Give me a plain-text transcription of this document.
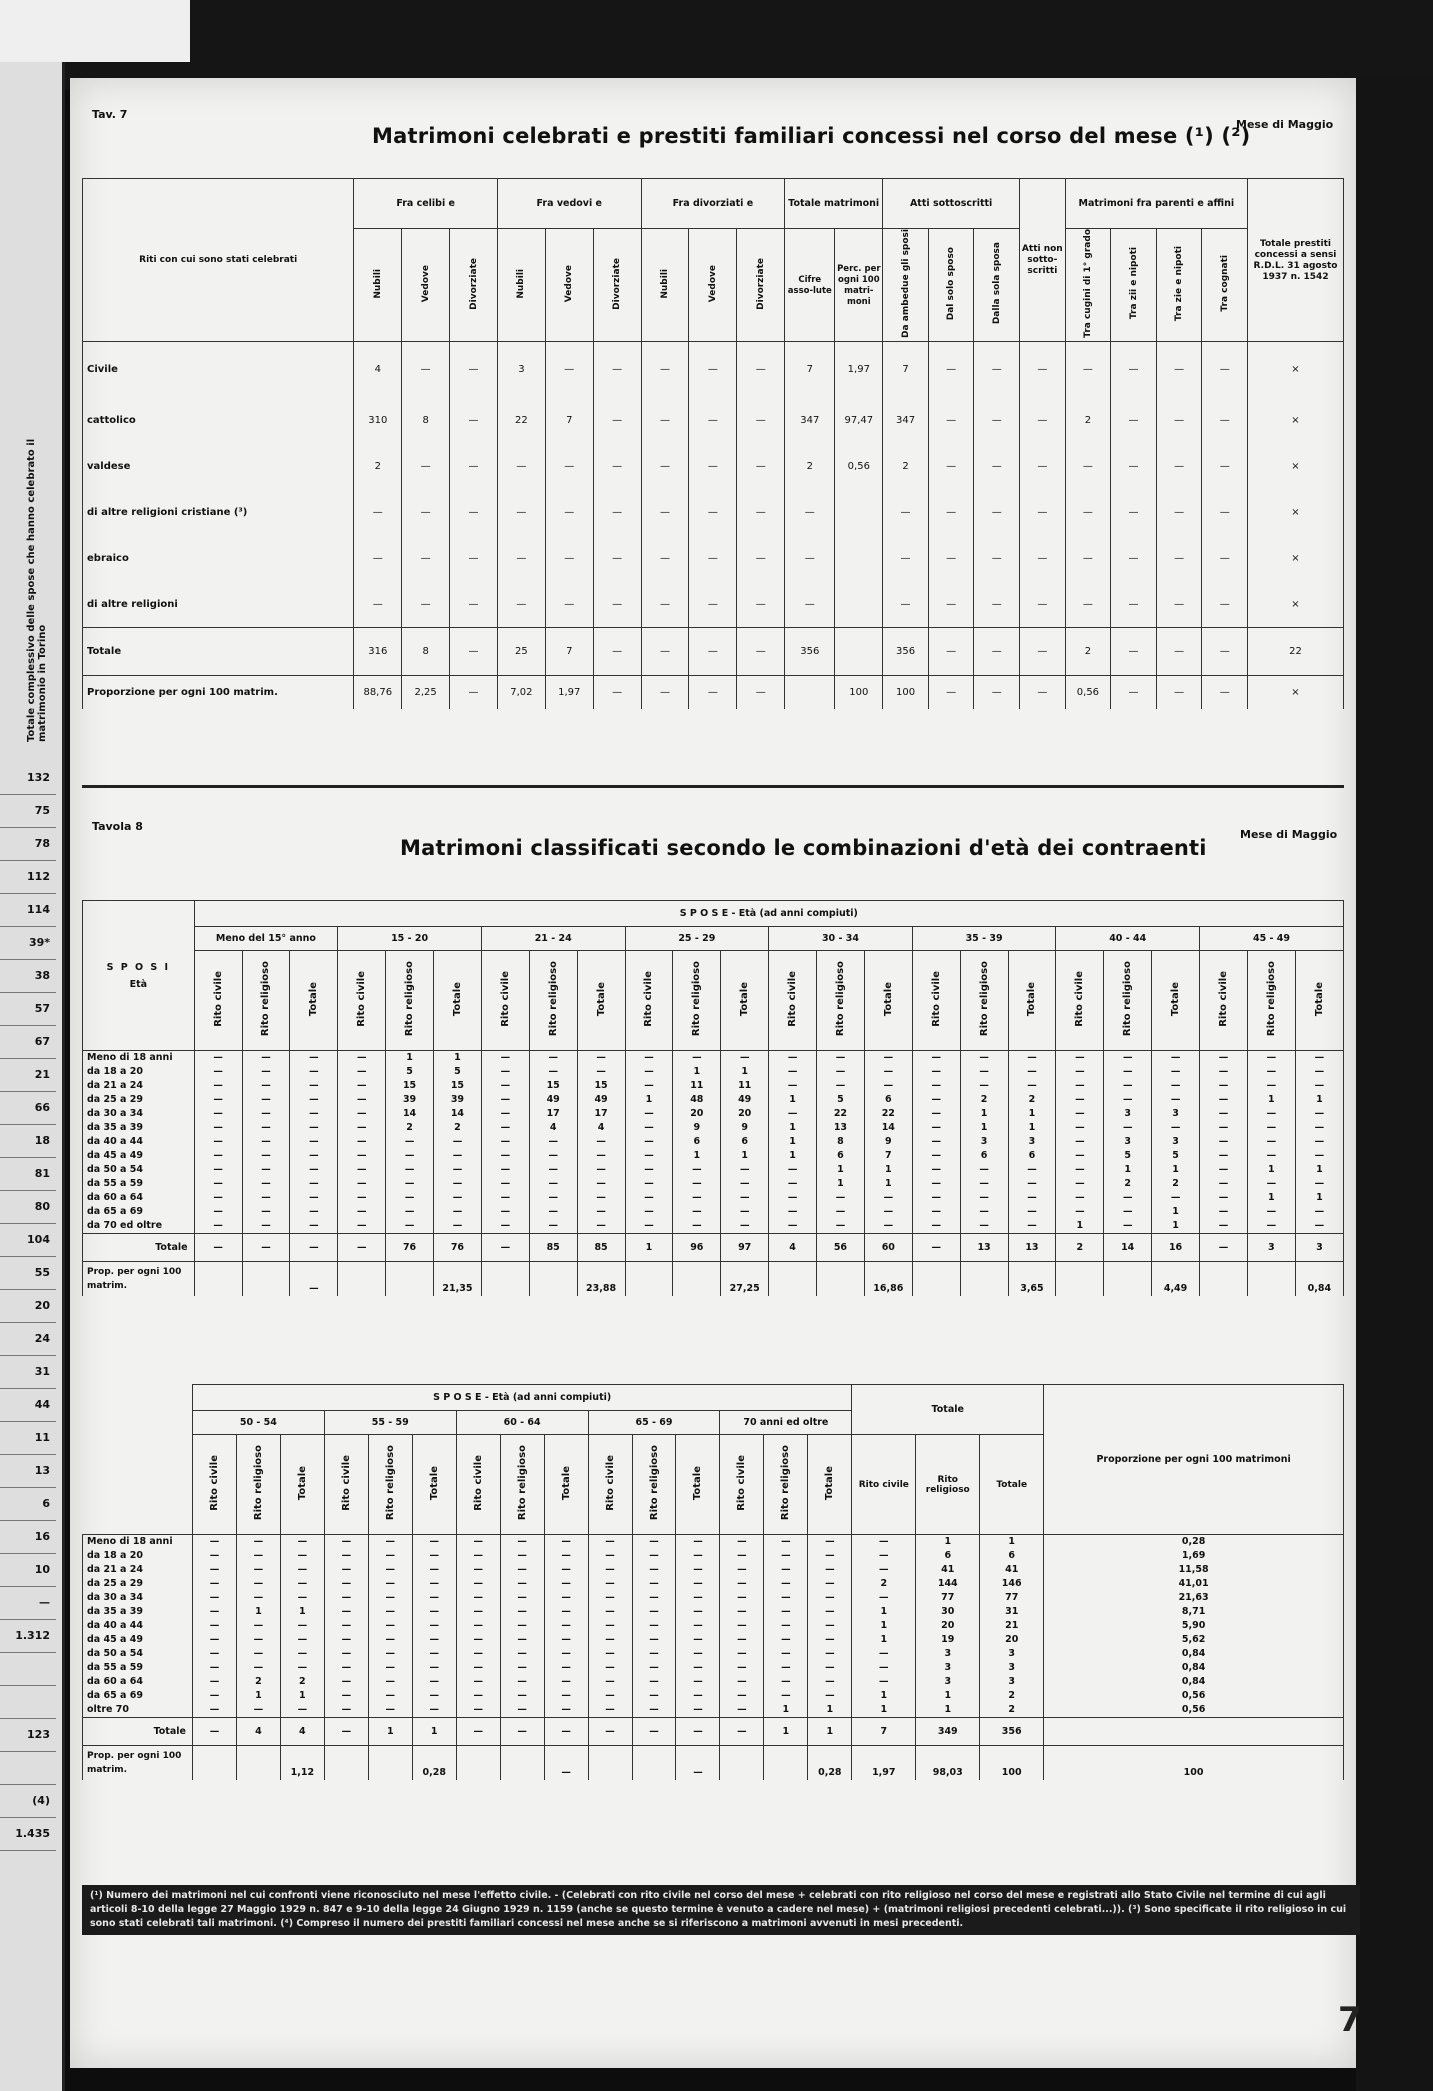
Totale complessivo delle spose che hanno celebrato il matrimonio in Torino
132
75
78
112
114
39*
38
57
67
21
66
18
81
80
104
55
20
24
31
44
11
13
6
16
10
—
1.312
123
(4)
1.435
Tav. 7
Matrimoni celebrati e prestiti familiari concessi nel corso del mese (¹) (²)
Mese di Maggio
Riti con cui sono stati celebrati	Fra celibi e			Fra vedovi e			Fra divorziati e			Totale matrimoni		Atti sottoscritti			Atti non sotto-scritti	Matrimoni fra parenti e affini				Totale prestiti concessi a sensi R.D.L. 31 agosto 1937 n. 1542
	Nubili	Vedove	Divorziate	Nubili	Vedove	Divorziate	Nubili	Vedove	Divorziate	Cifre asso-lute	Perc. per ogni 100 matri-moni	Da ambedue gli sposi	Dal solo sposo	Dalla sola sposa		Tra cugini di 1° grado	Tra zii e nipoti	Tra zie e nipoti	Tra cognati	
Civile	4	—	—	3	—	—	—	—	—	7	1,97	7	—	—	—	—	—	—	—	×
cattolico	310	8	—	22	7	—	—	—	—	347	97,47	347	—	—	—	2	—	—	—	×
valdese	2	—	—	—	—	—	—	—	—	2	0,56	2	—	—	—	—	—	—	—	×
di altre religioni cristiane (³)	—	—	—	—	—	—	—	—	—	—		—	—	—	—	—	—	—	—	×
ebraico	—	—	—	—	—	—	—	—	—	—		—	—	—	—	—	—	—	—	×
di altre religioni	—	—	—	—	—	—	—	—	—	—		—	—	—	—	—	—	—	—	×
Totale	316	8	—	25	7	—	—	—	—	356		356	—	—	—	2	—	—	—	22
Proporzione per ogni 100 matrim.	88,76	2,25	—	7,02	1,97	—	—	—	—		100	100	—	—	—	0,56	—	—	—	×
Tavola 8
Matrimoni classificati secondo le combinazioni d'età dei contraenti
Mese di Maggio
S P O S I
Età	S P O S E - Età (ad anni compiuti)																							
	Meno del 15° anno			15 - 20			21 - 24			25 - 29			30 - 34			35 - 39			40 - 44			45 - 49		
	Rito civile	Rito religioso	Totale	Rito civile	Rito religioso	Totale	Rito civile	Rito religioso	Totale	Rito civile	Rito religioso	Totale	Rito civile	Rito religioso	Totale	Rito civile	Rito religioso	Totale	Rito civile	Rito religioso	Totale	Rito civile	Rito religioso	Totale
Meno di 18 anni	—	—	—	—	1	1	—	—	—	—	—	—	—	—	—	—	—	—	—	—	—	—	—	—
da 18 a 20	—	—	—	—	5	5	—	—	—	—	1	1	—	—	—	—	—	—	—	—	—	—	—	—
da 21 a 24	—	—	—	—	15	15	—	15	15	—	11	11	—	—	—	—	—	—	—	—	—	—	—	—
da 25 a 29	—	—	—	—	39	39	—	49	49	1	48	49	1	5	6	—	2	2	—	—	—	—	1	1
da 30 a 34	—	—	—	—	14	14	—	17	17	—	20	20	—	22	22	—	1	1	—	3	3	—	—	—
da 35 a 39	—	—	—	—	2	2	—	4	4	—	9	9	1	13	14	—	1	1	—	—	—	—	—	—
da 40 a 44	—	—	—	—	—	—	—	—	—	—	6	6	1	8	9	—	3	3	—	3	3	—	—	—
da 45 a 49	—	—	—	—	—	—	—	—	—	—	1	1	1	6	7	—	6	6	—	5	5	—	—	—
da 50 a 54	—	—	—	—	—	—	—	—	—	—	—	—	—	1	1	—	—	—	—	1	1	—	1	1
da 55 a 59	—	—	—	—	—	—	—	—	—	—	—	—	—	1	1	—	—	—	—	2	2	—	—	—
da 60 a 64	—	—	—	—	—	—	—	—	—	—	—	—	—	—	—	—	—	—	—	—	—	—	1	1
da 65 a 69	—	—	—	—	—	—	—	—	—	—	—	—	—	—	—	—	—	—	—	—	1	—	—	—
da 70 ed oltre	—	—	—	—	—	—	—	—	—	—	—	—	—	—	—	—	—	—	1	—	1	—	—	—
Totale	—	—	—	—	76	76	—	85	85	1	96	97	4	56	60	—	13	13	2	14	16	—	3	3
Prop. per ogni 100 matrim.			—			21,35			23,88			27,25			16,86			3,65			4,49			0,84
	S P O S E - Età (ad anni compiuti)															Totale			Proporzione per ogni 100 matrimoni
	50 - 54			55 - 59			60 - 64			65 - 69			70 anni ed oltre						
	Rito civile	Rito religioso	Totale	Rito civile	Rito religioso	Totale	Rito civile	Rito religioso	Totale	Rito civile	Rito religioso	Totale	Rito civile	Rito religioso	Totale	Rito civile	Rito religioso	Totale	
Meno di 18 anni	—	—	—	—	—	—	—	—	—	—	—	—	—	—	—	—	1	1	0,28
da 18 a 20	—	—	—	—	—	—	—	—	—	—	—	—	—	—	—	—	6	6	1,69
da 21 a 24	—	—	—	—	—	—	—	—	—	—	—	—	—	—	—	—	41	41	11,58
da 25 a 29	—	—	—	—	—	—	—	—	—	—	—	—	—	—	—	2	144	146	41,01
da 30 a 34	—	—	—	—	—	—	—	—	—	—	—	—	—	—	—	—	77	77	21,63
da 35 a 39	—	1	1	—	—	—	—	—	—	—	—	—	—	—	—	1	30	31	8,71
da 40 a 44	—	—	—	—	—	—	—	—	—	—	—	—	—	—	—	1	20	21	5,90
da 45 a 49	—	—	—	—	—	—	—	—	—	—	—	—	—	—	—	1	19	20	5,62
da 50 a 54	—	—	—	—	—	—	—	—	—	—	—	—	—	—	—	—	3	3	0,84
da 55 a 59	—	—	—	—	—	—	—	—	—	—	—	—	—	—	—	—	3	3	0,84
da 60 a 64	—	2	2	—	—	—	—	—	—	—	—	—	—	—	—	—	3	3	0,84
da 65 a 69	—	1	1	—	—	—	—	—	—	—	—	—	—	—	—	1	1	2	0,56
oltre 70	—	—	—	—	—	—	—	—	—	—	—	—	—	1	1	1	1	2	0,56
Totale	—	4	4	—	1	1	—	—	—	—	—	—	—	1	1	7	349	356	
Prop. per ogni 100 matrim.			1,12			0,28			—			—			0,28	1,97	98,03	100	100
(¹) Numero dei matrimoni nel cui confronti viene riconosciuto nel mese l'effetto civile. - (Celebrati con rito civile nel corso del mese + celebrati con rito religioso nel corso del mese e registrati allo Stato Civile nel termine di cui agli articoli 8-10 della legge 27 Maggio 1929 n. 847 e 9-10 della legge 24 Giugno 1929 n. 1159 (anche se questo termine è venuto a cadere nel mese) + (matrimoni religiosi precedenti celebrati...)). (³) Sono specificate il rito religioso in cui sono stati celebrati tali matrimoni. (⁴) Compreso il numero dei prestiti familiari concessi nel mese anche se si riferiscono a matrimoni avvenuti in mesi precedenti.
7
